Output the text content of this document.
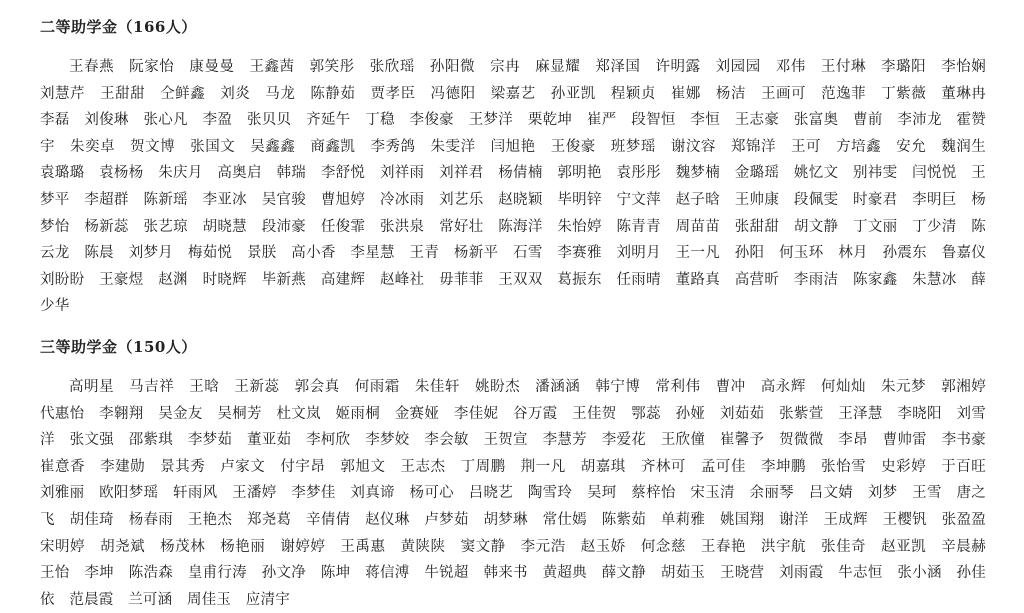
二等助学金（166人）

王春燕　阮家怡　康曼曼　王鑫茜　郭笑彤　张欣瑶　孙阳微　宗冉　麻显耀　郑泽国　许明露　刘园园　邓伟　王付琳　李璐阳　李怡娴　刘慧芹　王甜甜　仝鲜鑫　刘炎　马龙　陈静茹　贾孝臣　冯德阳　梁嘉艺　孙亚凯　程颖贞　崔娜　杨洁　王画可　范逸菲　丁紫薇　董琳冉　李磊　刘俊琳　张心凡　李盈　张贝贝　齐延午　丁稳　李俊豪　王梦洋　栗乾坤　崔严　段智恒　李恒　王志豪　张富奥　曹前　李沛龙　霍赞宇　朱奕卓　贺文博　张国文　吴鑫鑫　商鑫凯　李秀鸽　朱雯洋　闫旭艳　王俊豪　班梦瑶　谢汶容　郑锦洋　王可　方培鑫　安允　魏润生　袁璐璐　袁杨杨　朱庆月　高奥启　韩瑞　李舒悦　刘祥雨　刘祥君　杨倩楠　郭明艳　袁彤彤　魏梦楠　金璐瑶　姚忆文　别祎雯　闫悦悦　王梦平　李超群　陈新瑶　李亚冰　吴官骏　曹旭婷　冷冰雨　刘艺乐　赵晓颖　毕明锌　宁文萍　赵子晗　王帅康　段佩雯　时豪君　李明巨　杨梦怡　杨新蕊　张艺琼　胡晓慧　段沛豪　任俊霏　张洪泉　常好壮　陈海洋　朱怡婷　陈青青　周苗苗　张甜甜　胡文静　丁文丽　丁少清　陈云龙　陈晨　刘梦月　梅茹悦　景朕　高小香　李星慧　王青　杨新平　石雪　李赛雅　刘明月　王一凡　孙阳　何玉环　林月　孙震东　鲁嘉仪　刘盼盼　王豪煜　赵渊　时晓辉　毕新燕　高建辉　赵峰社　毋菲菲　王双双　葛振东　任雨晴　董路真　高营昕　李雨洁　陈家鑫　朱慧冰　薛少华

三等助学金（150人）

高明星　马吉祥　王晗　王新蕊　郭会真　何雨霜　朱佳轩　姚盼杰　潘涵涵　韩宁博　常利伟　曹冲　高永辉　何灿灿　朱元梦　郭湘婷　代惠怡　李翱翔　吴金友　吴桐芳　杜文岚　姬雨桐　金赛娅　李佳妮　谷万霞　王佳贺　鄂蕊　孙娅　刘茹茹　张紫萱　王泽慧　李晓阳　刘雪洋　张文强　邵紫琪　李梦茹　董亚茹　李柯欣　李梦姣　李会敏　王贺宣　李慧芳　李爱花　王欣僮　崔馨予　贺微微　李昂　曹帅雷　李书豪　崔意香　李建勋　景其秀　卢家文　付宇昂　郭旭文　王志杰　丁周鹏　荆一凡　胡嘉琪　齐林可　孟可佳　李坤鹏　张怡雪　史彩婷　于百旺　刘雅丽　欧阳梦瑶　轩雨风　王潘婷　李梦佳　刘真谛　杨可心　吕晓艺　陶雪玲　吴珂　蔡梓怡　宋玉清　余丽琴　吕文婧　刘梦　王雪　唐之飞　胡佳琦　杨春雨　王艳杰　郑尧葛　辛倩倩　赵仪琳　卢梦茹　胡梦琳　常仕嫣　陈紫茹　单莉雅　姚国翔　谢洋　王成辉　王樱钒　张盈盈　宋明婷　胡尧斌　杨茂林　杨艳丽　谢婷婷　王禹惠　黄陕陕　窦文静　李元浩　赵玉娇　何念慈　王春艳　洪宇航　张佳奇　赵亚凯　辛晨赫　王怡　李坤　陈浩森　皇甫行涛　孙文净　陈坤　蒋信溥　牛锐超　韩来书　黄超典　薛文静　胡茹玉　王晓营　刘雨霞　牛志恒　张小涵　孙佳依　范晨霞　兰可涵　周佳玉　应清宇
